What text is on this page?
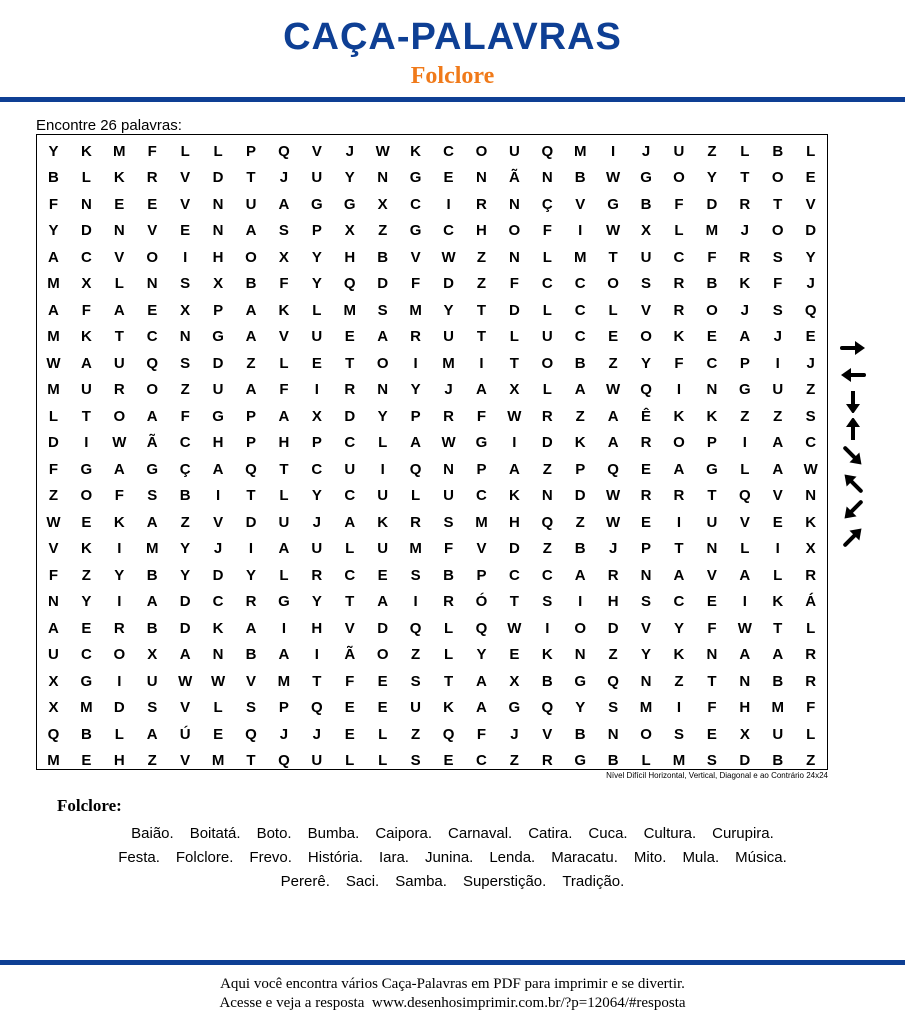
CAÇA-PALAVRAS
Folclore
Encontre 26 palavras:
Y	K	M	F	L	L	P	Q	V	J	W	K	C	O	U	Q	M	I	J	U	Z	L	B	L
B	L	K	R	V	D	T	J	U	Y	N	G	E	N	Ã	N	B	W	G	O	Y	T	O	E
F	N	E	E	V	N	U	A	G	G	X	C	I	R	N	Ç	V	G	B	F	D	R	T	V
Y	D	N	V	E	N	A	S	P	X	Z	G	C	H	O	F	I	W	X	L	M	J	O	D
A	C	V	O	I	H	O	X	Y	H	B	V	W	Z	N	L	M	T	U	C	F	R	S	Y
M	X	L	N	S	X	B	F	Y	Q	D	F	D	Z	F	C	C	O	S	R	B	K	F	J
A	F	A	E	X	P	A	K	L	M	S	M	Y	T	D	L	C	L	V	R	O	J	S	Q
M	K	T	C	N	G	A	V	U	E	A	R	U	T	L	U	C	E	O	K	E	A	J	E
W	A	U	Q	S	D	Z	L	E	T	O	I	M	I	T	O	B	Z	Y	F	C	P	I	J
M	U	R	O	Z	U	A	F	I	R	N	Y	J	A	X	L	A	W	Q	I	N	G	U	Z
L	T	O	A	F	G	P	A	X	D	Y	P	R	F	W	R	Z	A	Ê	K	K	Z	Z	S
D	I	W	Ã	C	H	P	H	P	C	L	A	W	G	I	D	K	A	R	O	P	I	A	C
F	G	A	G	Ç	A	Q	T	C	U	I	Q	N	P	A	Z	P	Q	E	A	G	L	A	W
Z	O	F	S	B	I	T	L	Y	C	U	L	U	C	K	N	D	W	R	R	T	Q	V	N
W	E	K	A	Z	V	D	U	J	A	K	R	S	M	H	Q	Z	W	E	I	U	V	E	K
V	K	I	M	Y	J	I	A	U	L	U	M	F	V	D	Z	B	J	P	T	N	L	I	X
F	Z	Y	B	Y	D	Y	L	R	C	E	S	B	P	C	C	A	R	N	A	V	A	L	R
N	Y	I	A	D	C	R	G	Y	T	A	I	R	Ó	T	S	I	H	S	C	E	I	K	Á
A	E	R	B	D	K	A	I	H	V	D	Q	L	Q	W	I	O	D	V	Y	F	W	T	L
U	C	O	X	A	N	B	A	I	Ã	O	Z	L	Y	E	K	N	Z	Y	K	N	A	A	R
X	G	I	U	W	W	V	M	T	F	E	S	T	A	X	B	G	Q	N	Z	T	N	B	R
X	M	D	S	V	L	S	P	Q	E	E	U	K	A	G	Q	Y	S	M	I	F	H	M	F
Q	B	L	A	Ú	E	Q	J	J	E	L	Z	Q	F	J	V	B	N	O	S	E	X	U	L
M	E	H	Z	V	M	T	Q	U	L	L	S	E	C	Z	R	G	B	L	M	S	D	B	Z
Nível Difícil Horizontal, Vertical, Diagonal e ao Contrário 24x24
Folclore:
Baião. Boitatá. Boto. Bumba. Caipora. Carnaval. Catira. Cuca. Cultura. Curupira.
Festa. Folclore. Frevo. História. Iara. Junina. Lenda. Maracatu. Mito. Mula. Música.
Pererê. Saci. Samba. Superstição. Tradição.
Aqui você encontra vários Caça-Palavras em PDF para imprimir e se divertir.
Acesse e veja a resposta  www.desenhosimprimir.com.br/?p=12064/#resposta
